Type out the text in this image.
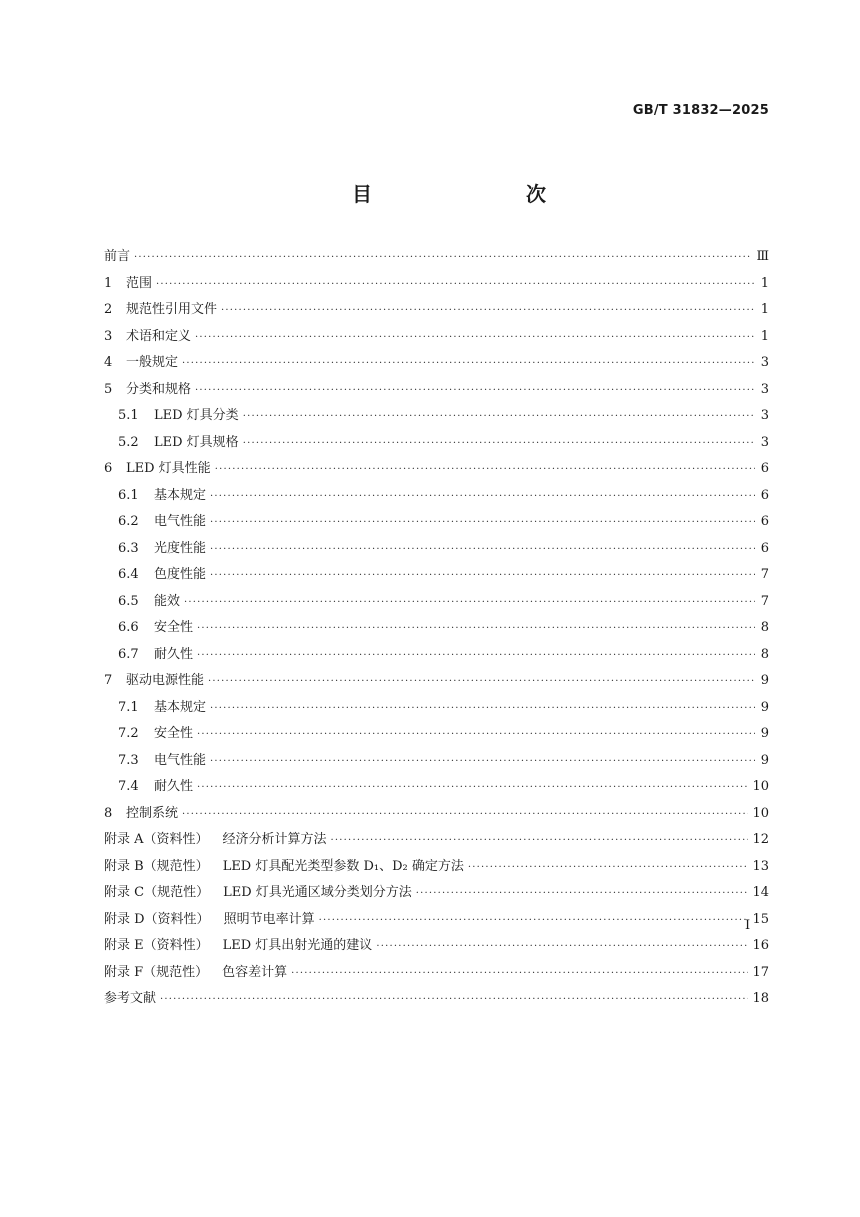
GB/T 31832—2025
目　　次
前言 ·····	Ⅲ
1 范围 ·····	1
2 规范性引用文件 ·····	1
3 术语和定义 ·····	1
4 一般规定 ·····	3
5 分类和规格 ·····	3
5.1 LED 灯具分类 ·····	3
5.2 LED 灯具规格 ·····	3
6 LED 灯具性能 ·····	6
6.1 基本规定 ·····	6
6.2 电气性能 ·····	6
6.3 光度性能 ·····	6
6.4 色度性能 ·····	7
6.5 能效 ·····	7
6.6 安全性 ·····	8
6.7 耐久性 ·····	8
7 驱动电源性能 ·····	9
7.1 基本规定 ·····	9
7.2 安全性 ·····	9
7.3 电气性能 ·····	9
7.4 耐久性 ·····	10
8 控制系统 ·····	10
附录 A（资料性） 经济分析计算方法 ·····	12
附录 B（规范性） LED 灯具配光类型参数 D₁、D₂ 确定方法 ·····	13
附录 C（规范性） LED 灯具光通区域分类划分方法 ·····	14
附录 D（资料性） 照明节电率计算 ·····	15
附录 E（资料性） LED 灯具出射光通的建议 ·····	16
附录 F（规范性） 色容差计算 ·····	17
参考文献 ·····	18
I
